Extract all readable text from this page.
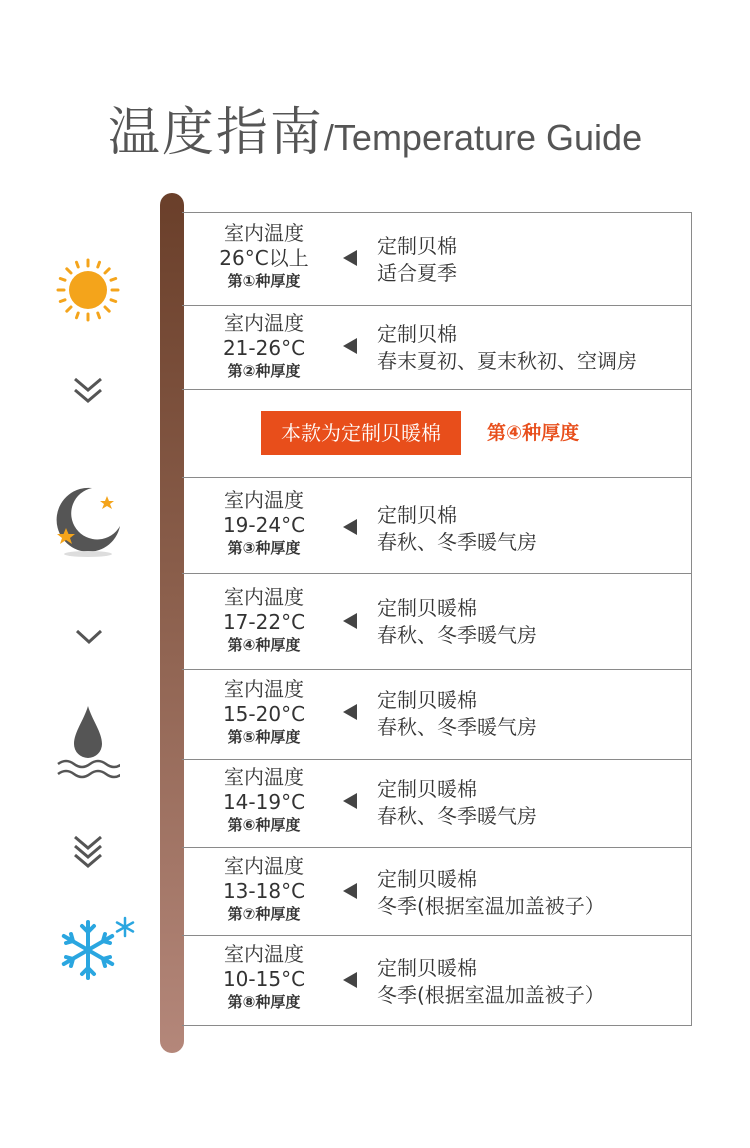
温度指南/Temperature Guide
室内温度
26°C以上
第①种厚度
定制贝棉
适合夏季
室内温度
21-26°C
第②种厚度
定制贝棉
春末夏初、夏末秋初、空调房
本款为定制贝暖棉	第④种厚度
室内温度
19-24°C
第③种厚度
定制贝棉
春秋、冬季暖气房
室内温度
17-22°C
第④种厚度
定制贝暖棉
春秋、冬季暖气房
室内温度
15-20°C
第⑤种厚度
定制贝暖棉
春秋、冬季暖气房
室内温度
14-19°C
第⑥种厚度
定制贝暖棉
春秋、冬季暖气房
室内温度
13-18°C
第⑦种厚度
定制贝暖棉
冬季(根据室温加盖被子）
室内温度
10-15°C
第⑧种厚度
定制贝暖棉
冬季(根据室温加盖被子）
